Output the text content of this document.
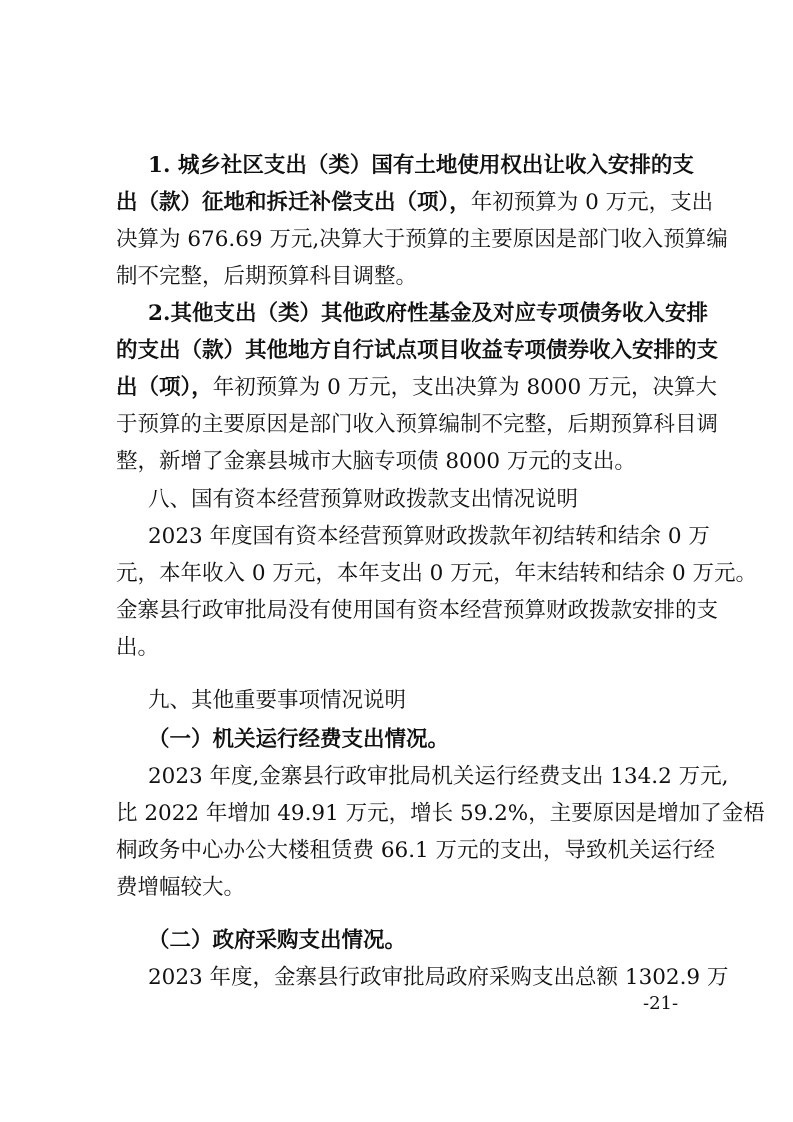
1. 城乡社区支出（类）国有土地使用权出让收入安排的支
出（款）征地和拆迁补偿支出（项），年初预算为 0 万元，支出
决算为 676.69 万元,决算大于预算的主要原因是部门收入预算编
制不完整，后期预算科目调整。
2.其他支出（类）其他政府性基金及对应专项债务收入安排
的支出（款）其他地方自行试点项目收益专项债券收入安排的支
出（项），年初预算为 0 万元，支出决算为 8000 万元，决算大
于预算的主要原因是部门收入预算编制不完整，后期预算科目调
整，新增了金寨县城市大脑专项债 8000 万元的支出。
八、国有资本经营预算财政拨款支出情况说明
2023 年度国有资本经营预算财政拨款年初结转和结余 0 万
元，本年收入 0 万元，本年支出 0 万元，年末结转和结余 0 万元。
金寨县行政审批局没有使用国有资本经营预算财政拨款安排的支
出。
九、其他重要事项情况说明
（一）机关运行经费支出情况。
2023 年度,金寨县行政审批局机关运行经费支出 134.2 万元,
比 2022 年增加 49.91 万元，增长 59.2%，主要原因是增加了金梧
桐政务中心办公大楼租赁费 66.1 万元的支出，导致机关运行经
费增幅较大。
（二）政府采购支出情况。
2023 年度，金寨县行政审批局政府采购支出总额 1302.9 万
-21-
